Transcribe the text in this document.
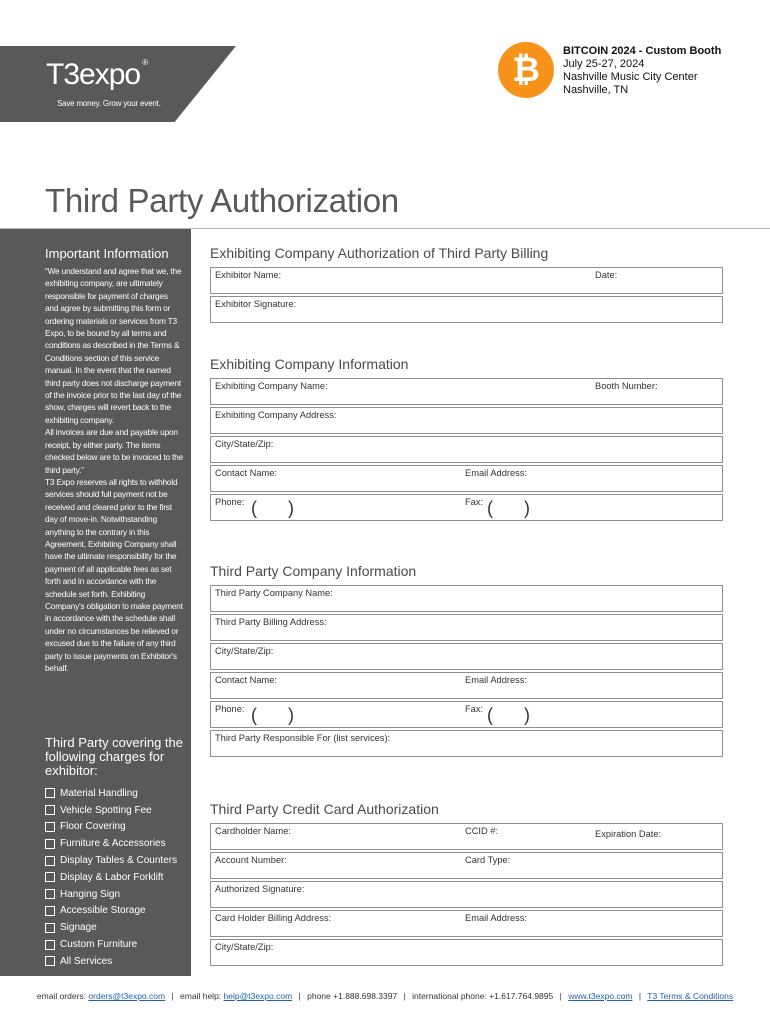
T3expo ®
Save money. Grow your event.
₿	BITCOIN 2024 - Custom Booth
July 25-27, 2024
Nashville Music City Center
Nashville, TN
Third Party Authorization
Important Information

“We understand and agree that we, the exhibiting company, are ultimately responsible for payment of charges and agree by submitting this form or ordering materials or services from T3 Expo, to be bound by all terms and conditions as described in the Terms & Conditions section of this service manual. In the event that the named third party does not discharge payment of the invoice prior to the last day of the show, charges will revert back to the exhibiting company.

All invoices are due and payable upon receipt, by either party. The items checked below are to be invoiced to the third party.”

T3 Expo reserves all rights to withhold services should full payment not be received and cleared prior to the first day of move-in. Notwithstanding anything to the contrary in this Agreement, Exhibiting Company shall have the ultimate responsibility for the payment of all applicable fees as set forth and in accordance with the schedule set forth. Exhibiting Company's obligation to make payment in accordance with the schedule shall under no circumstances be relieved or excused due to the failure of any third party to issue payments on Exhibitor's behalf.

Third Party covering the following charges for exhibitor:
Material Handling
Vehicle Spotting Fee
Floor Covering
Furniture & Accessories
Display Tables & Counters
Display & Labor Forklift
Hanging Sign
Accessible Storage
Signage
Custom Furniture
All Services
Exhibiting Company Authorization of Third Party Billing
Exhibitor Name:	Date:
Exhibitor Signature:
Exhibiting Company Information
Exhibiting Company Name:	Booth Number:
Exhibiting Company Address:
City/State/Zip:
Contact Name:	Email Address:
Phone: ( )	Fax: ( )
Third Party Company Information
Third Party Company Name:
Third Party Billing Address:
City/State/Zip:
Contact Name:	Email Address:
Phone: ( )	Fax: ( )
Third Party Responsible For (list services):
Third Party Credit Card Authorization
Cardholder Name:	CCID #:	Expiration Date:
Account Number:	Card Type:
Authorized Signature:
Card Holder Billing Address:	Email Address:
City/State/Zip:
email orders: orders@t3expo.com | email help: help@t3expo.com | phone +1.888.698.3397 | international phone: +1.617.764.9895 | www.t3expo.com | T3 Terms & Conditions
